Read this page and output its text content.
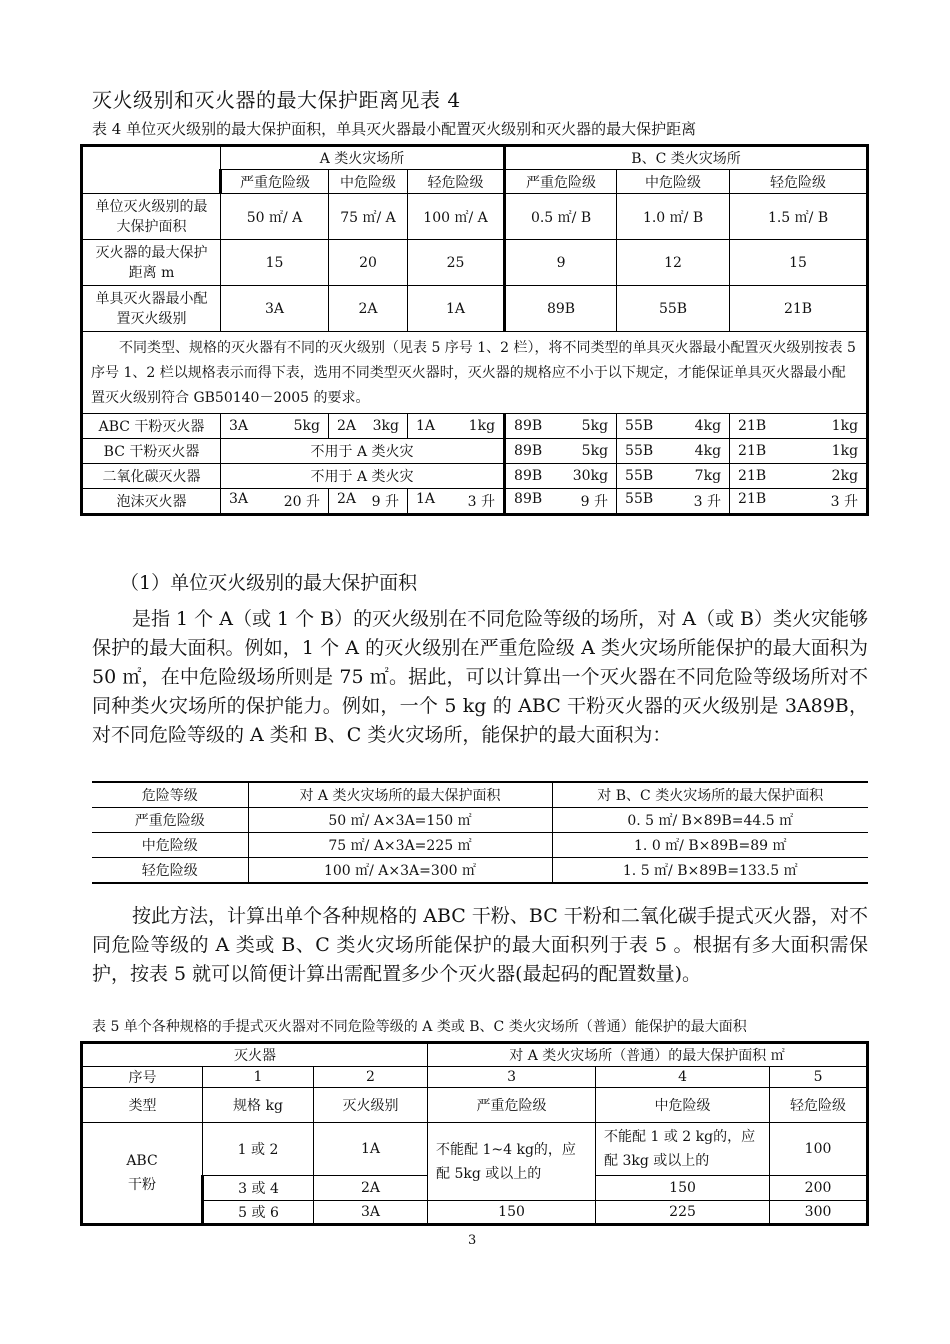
灭火级别和灭火器的最大保护距离见表 4
表 4 单位灭火级别的最大保护面积，单具灭火器最小配置灭火级别和灭火器的最大保护距离
	A 类火灾场所			B、C 类火灾场所		
	严重危险级	中危险级	轻危险级	严重危险级	中危险级	轻危险级
单位灭火级别的最大保护面积	50 ㎡/ A	75 ㎡/ A	100 ㎡/ A	0.5 ㎡/ B	1.0 ㎡/ B	1.5 ㎡/ B
灭火器的最大保护距离 m	15	20	25	9	12	15
单具灭火器最小配置灭火级别	3A	2A	1A	89B	55B	21B
不同类型、规格的灭火器有不同的灭火级别（见表 5 序号 1、2 栏），将不同类型的单具灭火器最小配置灭火级别按表 5 序号 1、2 栏以规格表示而得下表，选用不同类型灭火器时，灭火器的规格应不小于以下规定，才能保证单具灭火器最小配置灭火级别符合 GB50140－2005 的要求。						
ABC 干粉灭火器	3A 5kg	2A 3kg	1A 1kg	89B 5kg	55B 4kg	21B 1kg

BC 干粉灭火器	不用于 A 类火灾			89B 5kg	55B 4kg	21B 1kg

二氧化碳灭火器	不用于 A 类火灾			89B 30kg	55B 7kg	21B 2kg

泡沫灭火器	3A 20 升	2A 9 升	1A 3 升	89B 9 升	55B 3 升	21B 3 升
（1）单位灭火级别的最大保护面积
是指 1 个 A（或 1 个 B）的灭火级别在不同危险等级的场所，对 A（或 B）类火灾能够保护的最大面积。例如，1 个 A 的灭火级别在严重危险级 A 类火灾场所能保护的最大面积为 50 ㎡，在中危险级场所则是 75 ㎡。据此，可以计算出一个灭火器在不同危险等级场所对不同种类火灾场所的保护能力。例如，一个 5 kg 的 ABC 干粉灭火器的灭火级别是 3A89B，对不同危险等级的 A 类和 B、C 类火灾场所，能保护的最大面积为：
危险等级	对 A 类火灾场所的最大保护面积	对 B、C 类火灾场所的最大保护面积
严重危险级	50 ㎡/ A×3A=150 ㎡	0. 5 ㎡/ B×89B=44.5 ㎡
中危险级	75 ㎡/ A×3A=225 ㎡	1. 0 ㎡/ B×89B=89 ㎡
轻危险级	100 ㎡/ A×3A=300 ㎡	1. 5 ㎡/ B×89B=133.5 ㎡
按此方法，计算出单个各种规格的 ABC 干粉、BC 干粉和二氧化碳手提式灭火器，对不同危险等级的 A 类或 B、C 类火灾场所能保护的最大面积列于表 5 。根据有多大面积需保护，按表 5 就可以简便计算出需配置多少个灭火器(最起码的配置数量)。
表 5 单个各种规格的手提式灭火器对不同危险等级的 A 类或 B、C 类火灾场所（普通）能保护的最大面积
灭火器			对 A 类火灾场所（普通）的最大保护面积 ㎡		
序号	1	2	3	4	5
类型	规格 kg	灭火级别	严重危险级	中危险级	轻危险级
ABC
干粉	1 或 2	1A	不能配 1~4 kg的，应配 5kg 或以上的	不能配 1 或 2 kg的，应配 3kg 或以上的	100
	3 或 4	2A		150	200
	5 或 6	3A	150	225	300
3
